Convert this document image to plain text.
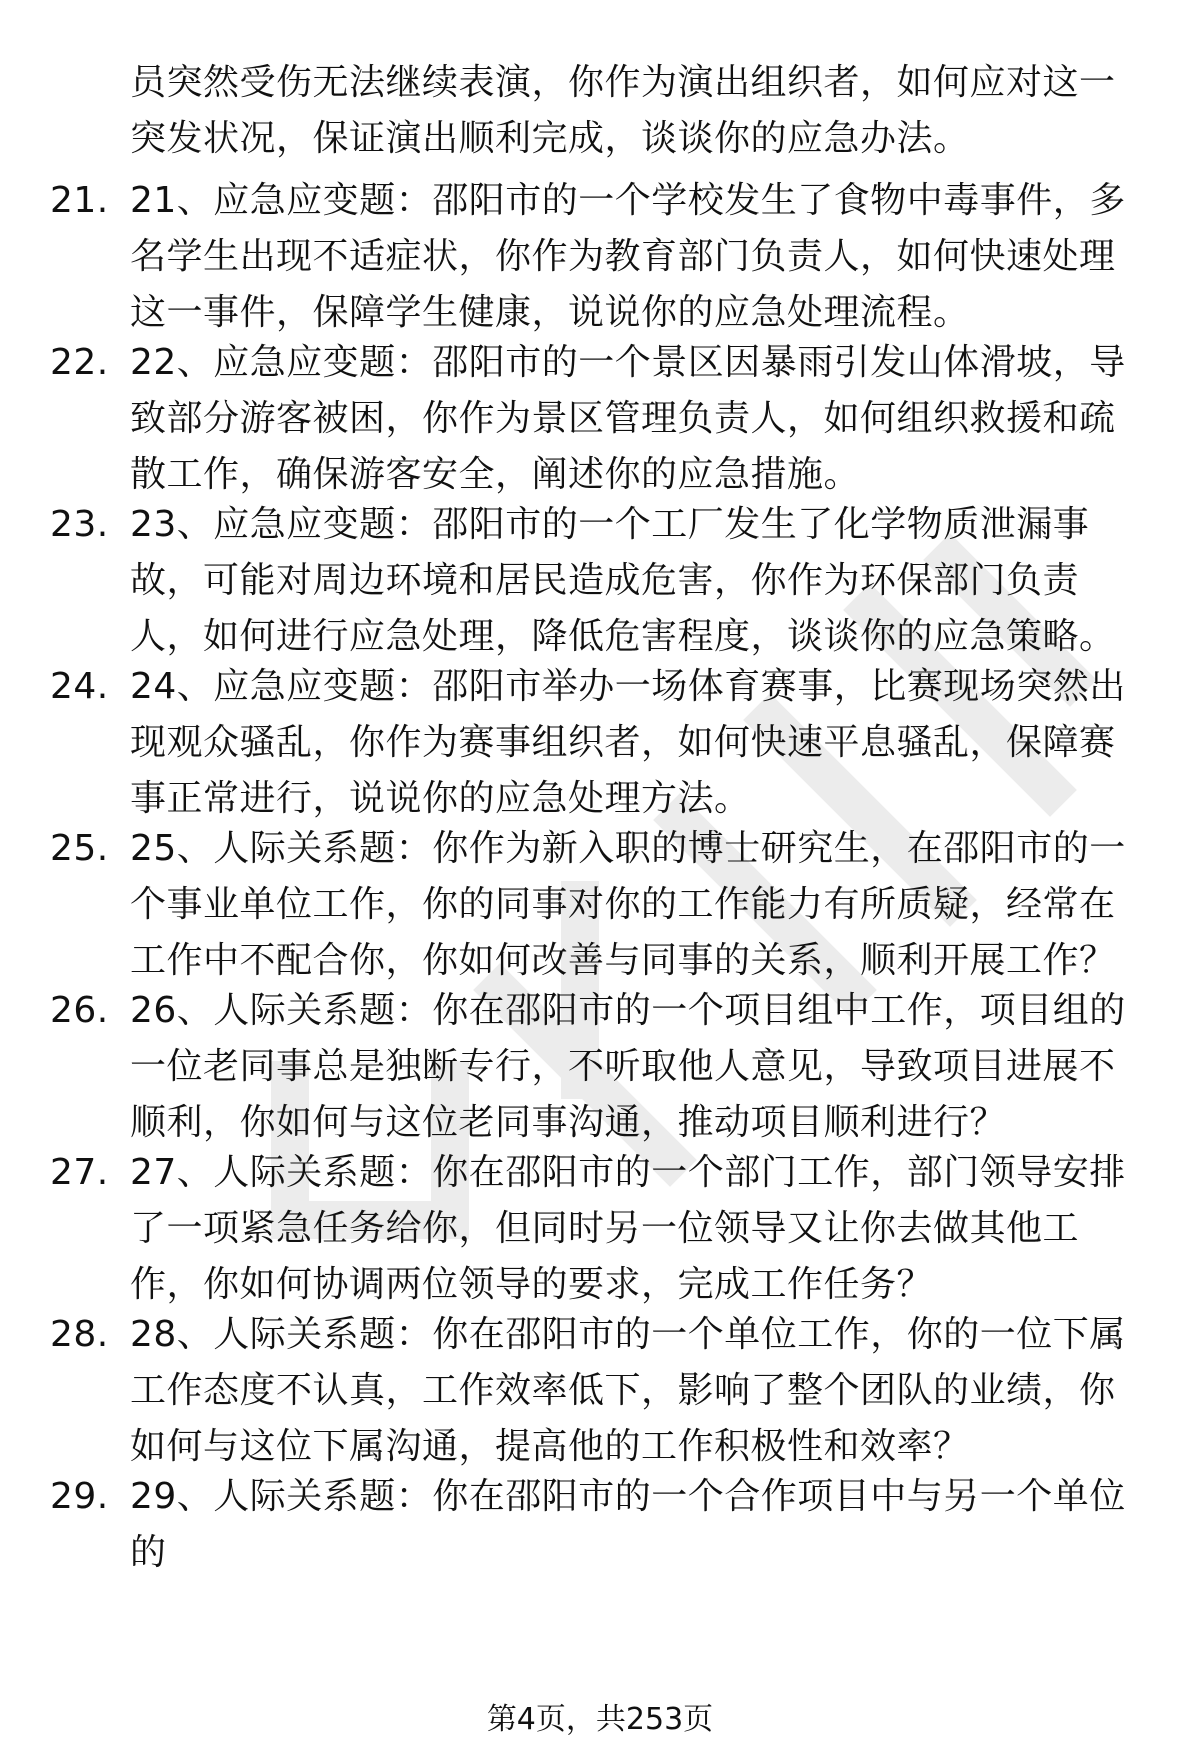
员突然受伤无法继续表演，你作为演出组织者，如何应对这一突发状况，保证演出顺利完成，谈谈你的应急办法。
21. 21、应急应变题：邵阳市的一个学校发生了食物中毒事件，多名学生出现不适症状，你作为教育部门负责人，如何快速处理这一事件，保障学生健康，说说你的应急处理流程。
22. 22、应急应变题：邵阳市的一个景区因暴雨引发山体滑坡，导致部分游客被困，你作为景区管理负责人，如何组织救援和疏散工作，确保游客安全，阐述你的应急措施。
23. 23、应急应变题：邵阳市的一个工厂发生了化学物质泄漏事故，可能对周边环境和居民造成危害，你作为环保部门负责人，如何进行应急处理，降低危害程度，谈谈你的应急策略。
24. 24、应急应变题：邵阳市举办一场体育赛事，比赛现场突然出现观众骚乱，你作为赛事组织者，如何快速平息骚乱，保障赛事正常进行，说说你的应急处理方法。
25. 25、人际关系题：你作为新入职的博士研究生，在邵阳市的一个事业单位工作，你的同事对你的工作能力有所质疑，经常在工作中不配合你，你如何改善与同事的关系，顺利开展工作？
26. 26、人际关系题：你在邵阳市的一个项目组中工作，项目组的一位老同事总是独断专行，不听取他人意见，导致项目进展不顺利，你如何与这位老同事沟通，推动项目顺利进行？
27. 27、人际关系题：你在邵阳市的一个部门工作，部门领导安排了一项紧急任务给你，但同时另一位领导又让你去做其他工作，你如何协调两位领导的要求，完成工作任务？
28. 28、人际关系题：你在邵阳市的一个单位工作，你的一位下属工作态度不认真，工作效率低下，影响了整个团队的业绩，你如何与这位下属沟通，提高他的工作积极性和效率？
29. 29、人际关系题：你在邵阳市的一个合作项目中与另一个单位的
第4页，共253页
